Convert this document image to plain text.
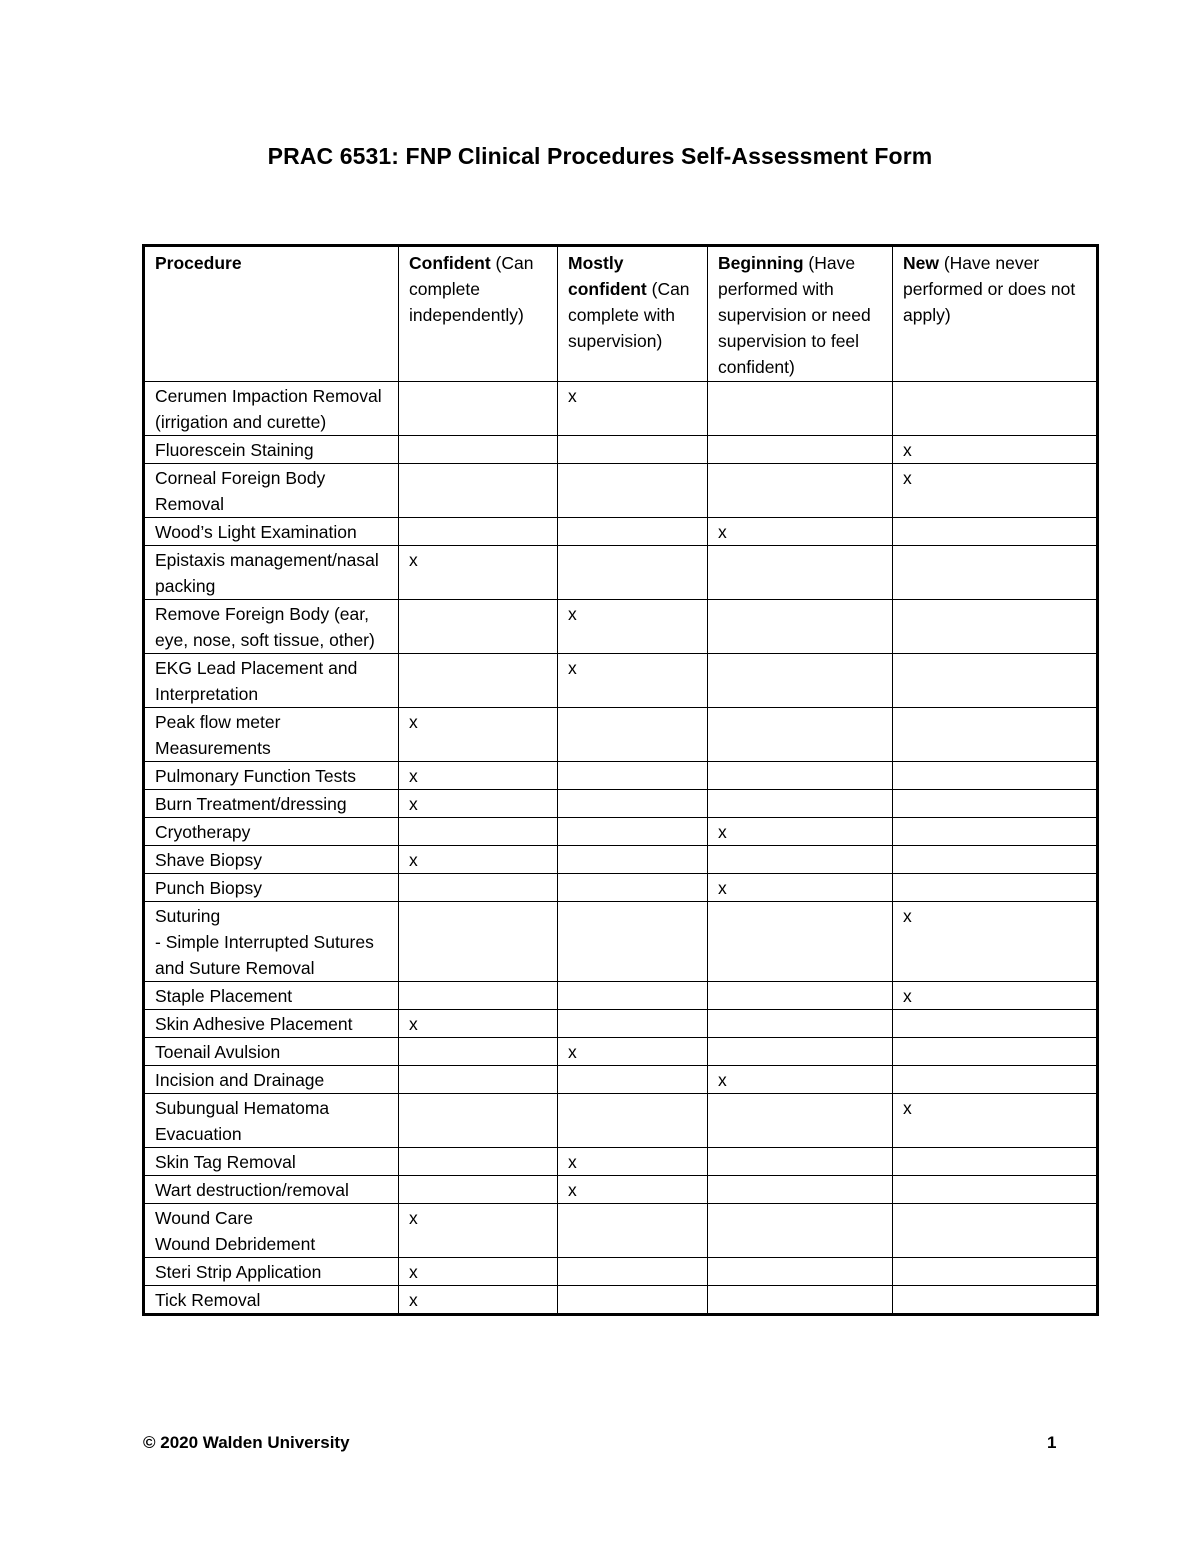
PRAC 6531: FNP Clinical Procedures Self-Assessment Form
Procedure	Confident (Can complete independently)	Mostly confident (Can complete with supervision)	Beginning (Have performed with supervision or need supervision to feel confident)	New (Have never performed or does not apply)
Cerumen Impaction Removal (irrigation and curette)		x		
Fluorescein Staining				x
Corneal Foreign Body Removal				x
Wood’s Light Examination			x	
Epistaxis management/nasal packing	x			
Remove Foreign Body (ear, eye, nose, soft tissue, other)		x		
EKG Lead Placement and Interpretation		x		
Peak flow meter Measurements	x			
Pulmonary Function Tests	x			
Burn Treatment/dressing	x			
Cryotherapy			x	
Shave Biopsy	x			
Punch Biopsy			x	
Suturing
- Simple Interrupted Sutures and Suture Removal				x
Staple Placement				x
Skin Adhesive Placement	x			
Toenail Avulsion		x		
Incision and Drainage			x	
Subungual Hematoma Evacuation				x
Skin Tag Removal		x		
Wart destruction/removal		x		
Wound Care
Wound Debridement	x			
Steri Strip Application	x			
Tick Removal	x			
© 2020 Walden University	1
